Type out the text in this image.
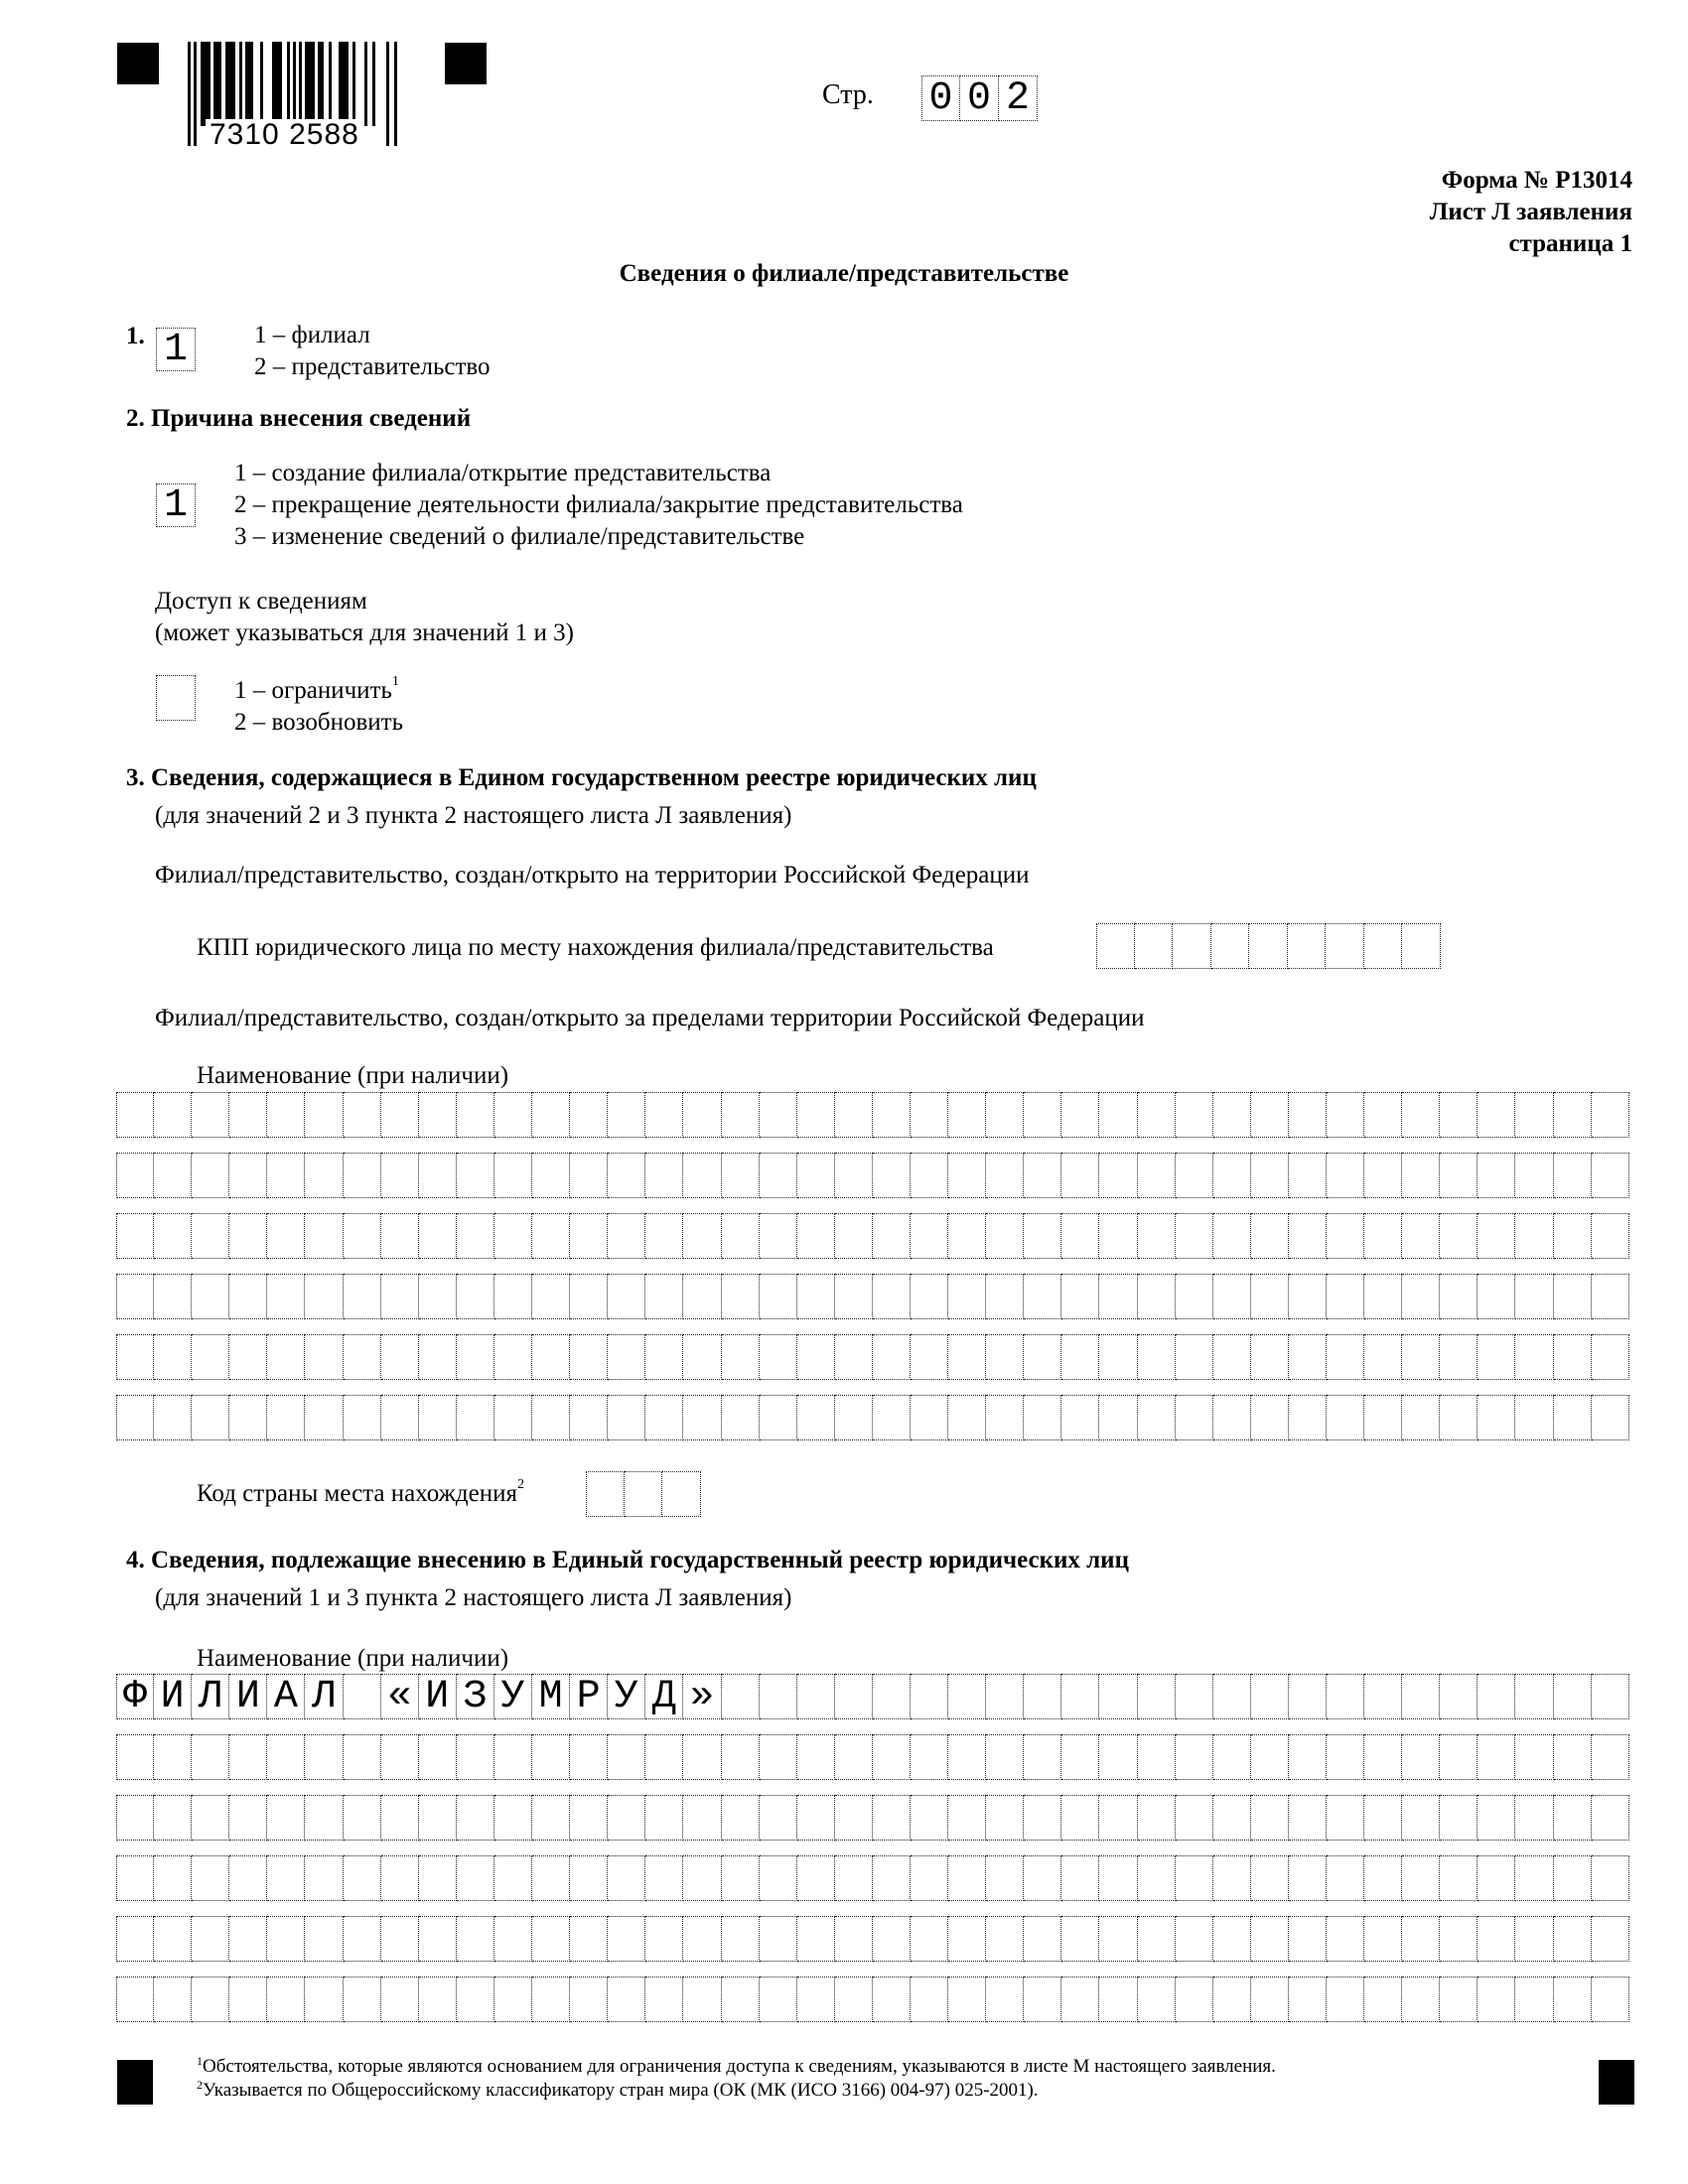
7310 2588
Стр. 0 0 2
Форма № Р13014
Лист Л заявления
страница 1
Сведения о филиале/представительстве
1. 1	1 – филиал
2 – представительство
2. Причина внесения сведений
1
1 – создание филиала/открытие представительства
2 – прекращение деятельности филиала/закрытие представительства
3 – изменение сведений о филиале/представительстве
Доступ к сведениям
(может указываться для значений 1 и 3)
1 – ограничить$^1$
2 – возобновить
3. Сведения, содержащиеся в Едином государственном реестре юридических лиц
(для значений 2 и 3 пункта 2 настоящего листа Л заявления)
Филиал/представительство, создан/открыто на территории Российской Федерации
КПП юридического лица по месту нахождения филиала/представительства
Филиал/представительство, создан/открыто за пределами территории Российской Федерации
Наименование (при наличии)
Код страны места нахождения$^2$
4. Сведения, подлежащие внесению в Единый государственный реестр юридических лиц
(для значений 1 и 3 пункта 2 настоящего листа Л заявления)
Наименование (при наличии)
Ф И Л И А Л « И З У М Р У Д »
$^1$Обстоятельства, которые являются основанием для ограничения доступа к сведениям, указываются в листе М настоящего заявления.
$^2$Указывается по Общероссийскому классификатору стран мира (ОК (МК (ИСО 3166) 004-97) 025-2001).
